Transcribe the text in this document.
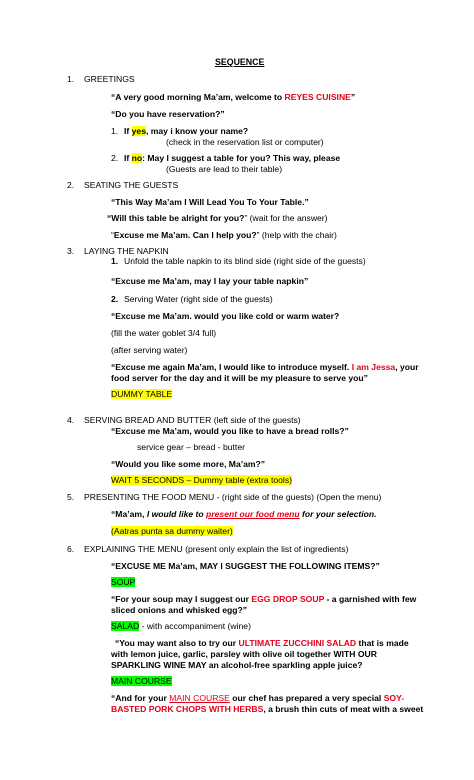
SEQUENCE
1. GREETINGS
“A very good morning Ma’am, welcome to REYES CUISINE”
“Do you have reservation?”
1. If yes, may i know your name?
(check in the reservation list or computer)
2. If no: May I suggest a table for you? This way, please
(Guests are lead to their table)
2. SEATING THE GUESTS
“This Way Ma’am I Will Lead You To Your Table.”
“Will this table be alright for you?” (wait for the answer)
“Excuse me Ma’am. Can I help you?” (help with the chair)
3. LAYING THE NAPKIN
1. Unfold the table napkin to its blind side (right side of the guests)
“Excuse me Ma’am, may I lay your table napkin”
2. Serving Water (right side of the guests)
“Excuse me Ma’am. would you like cold or warm water?
(fill the water goblet 3/4 full)
(after serving water)
“Excuse me again Ma’am, I would like to introduce myself. I am Jessa, your
food server for the day and it will be my pleasure to serve you”
DUMMY TABLE
4. SERVING BREAD AND BUTTER (left side of the guests)
“Excuse me Ma’am, would you like to have a bread rolls?”
service gear – bread - butter
“Would you like some more, Ma’am?”
WAIT 5 SECONDS – Dummy table (extra tools)
5. PRESENTING THE FOOD MENU - (right side of the guests) (Open the menu)
“Ma’am, I would like to present our food menu for your selection.
(Aatras punta sa dummy waiter)
6. EXPLAINING THE MENU (present only explain the list of ingredients)
“EXCUSE ME Ma’am, MAY I SUGGEST THE FOLLOWING ITEMS?”
SOUP
“For your soup may I suggest our EGG DROP SOUP - a garnished with few
sliced onions and whisked egg?”
SALAD - with accompaniment (wine)
“You may want also to try our ULTIMATE ZUCCHINI SALAD that is made
with lemon juice, garlic, parsley with olive oil together WITH OUR
SPARKLING WINE MAY an alcohol-free sparkling apple juice?
MAIN COURSE
“And for your MAIN COURSE our chef has prepared a very special SOY-
BASTED PORK CHOPS WITH HERBS, a brush thin cuts of meat with a sweet
